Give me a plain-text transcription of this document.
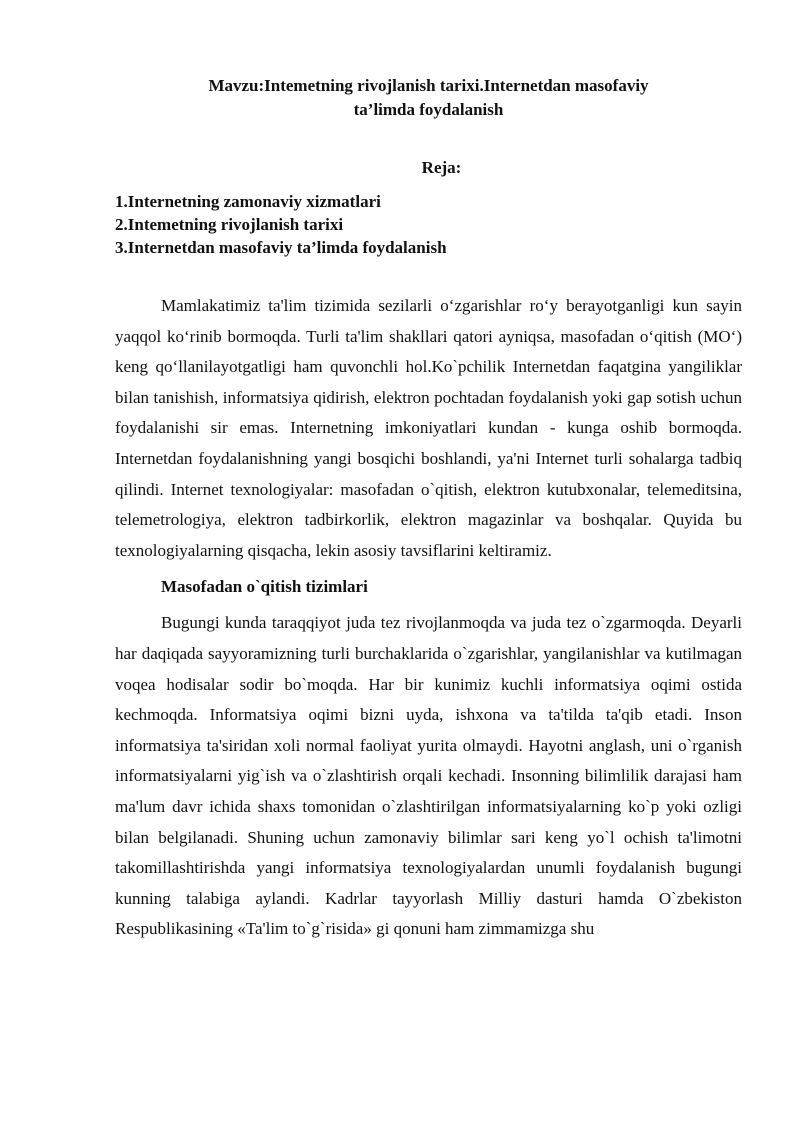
Mavzu:Intemetning rivojlanish tarixi.Internetdan masofaviy
ta’limda foydalanish
Reja:
1.Internetning zamonaviy xizmatlari
2.Intemetning rivojlanish tarixi
3.Internetdan masofaviy ta’limda foydalanish

Mamlakatimiz ta'lim tizimida sezilarli o‘zgarishlar ro‘y berayotganligi kun sayin yaqqol ko‘rinib bormoqda. Turli ta'lim shakllari qatori ayniqsa, masofadan o‘qitish (MO‘) keng qo‘llanilayotgatligi ham quvonchli hol.Ko`pchilik Internetdan faqatgina yangiliklar bilan tanishish, informatsiya qidirish, elektron pochtadan foydalanish yoki gap sotish uchun foydalanishi sir emas. Internetning imkoniyatlari kundan - kunga oshib bormoqda. Internetdan foydalanishning yangi bosqichi boshlandi, ya'ni Internet turli sohalarga tadbiq qilindi. Internet texnologiyalar: masofadan o`qitish, elektron kutubxonalar, telemeditsina, telemetrologiya, elektron tadbirkorlik, elektron magazinlar va boshqalar. Quyida bu texnologiyalarning qisqacha, lekin asosiy tavsiflarini keltiramiz.

Masofadan o`qitish tizimlari

Bugungi kunda taraqqiyot juda tez rivojlanmoqda va juda tez o`zgarmoqda. Deyarli har daqiqada sayyoramizning turli burchaklarida o`zgarishlar, yangilanishlar va kutilmagan voqea hodisalar sodir bo`moqda. Har bir kunimiz kuchli informatsiya oqimi ostida kechmoqda. Informatsiya oqimi bizni uyda, ishxona va ta'tilda ta'qib etadi. Inson informatsiya ta'siridan xoli normal faoliyat yurita olmaydi. Hayotni anglash, uni o`rganish informatsiyalarni yig`ish va o`zlashtirish orqali kechadi. Insonning bilimlilik darajasi ham ma'lum davr ichida shaxs tomonidan o`zlashtirilgan informatsiyalarning ko`p yoki ozligi bilan belgilanadi. Shuning uchun zamonaviy bilimlar sari keng yo`l ochish ta'limotni takomillashtirishda yangi informatsiya texnologiyalardan unumli foydalanish bugungi kunning talabiga aylandi. Kadrlar tayyorlash Milliy dasturi hamda O`zbekiston Respublikasining «Ta'lim to`g`risida» gi qonuni ham zimmamizga shu
